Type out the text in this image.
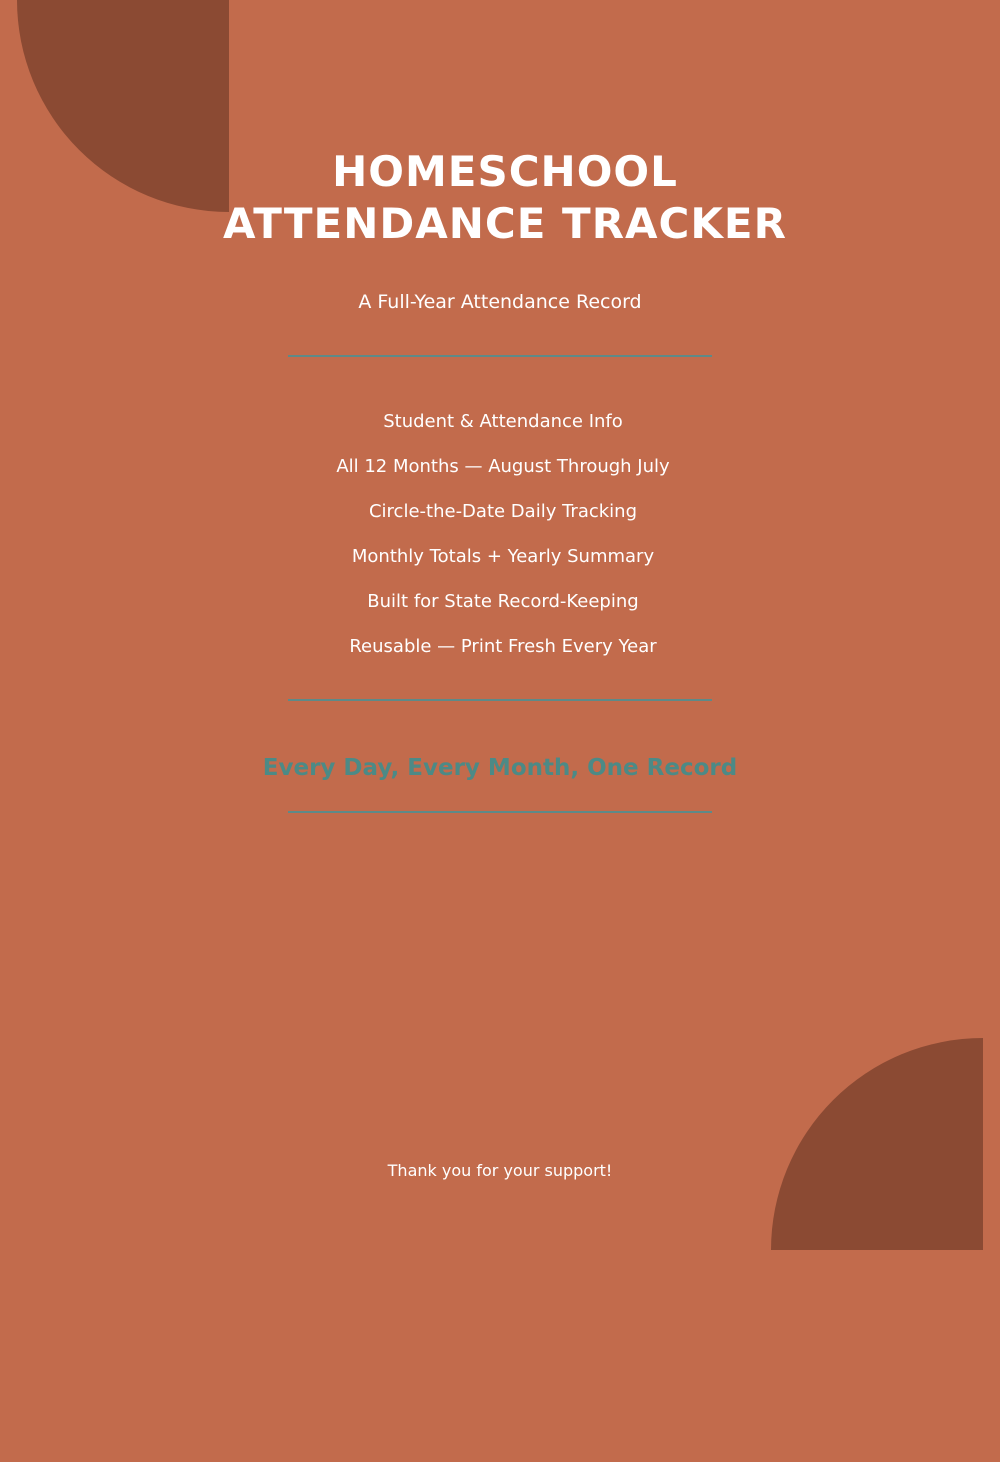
HOMESCHOOL
ATTENDANCE TRACKER
A Full-Year Attendance Record
Student & Attendance Info
All 12 Months — August Through July
Circle-the-Date Daily Tracking
Monthly Totals + Yearly Summary
Built for State Record-Keeping
Reusable — Print Fresh Every Year
Every Day, Every Month, One Record
Thank you for your support!
